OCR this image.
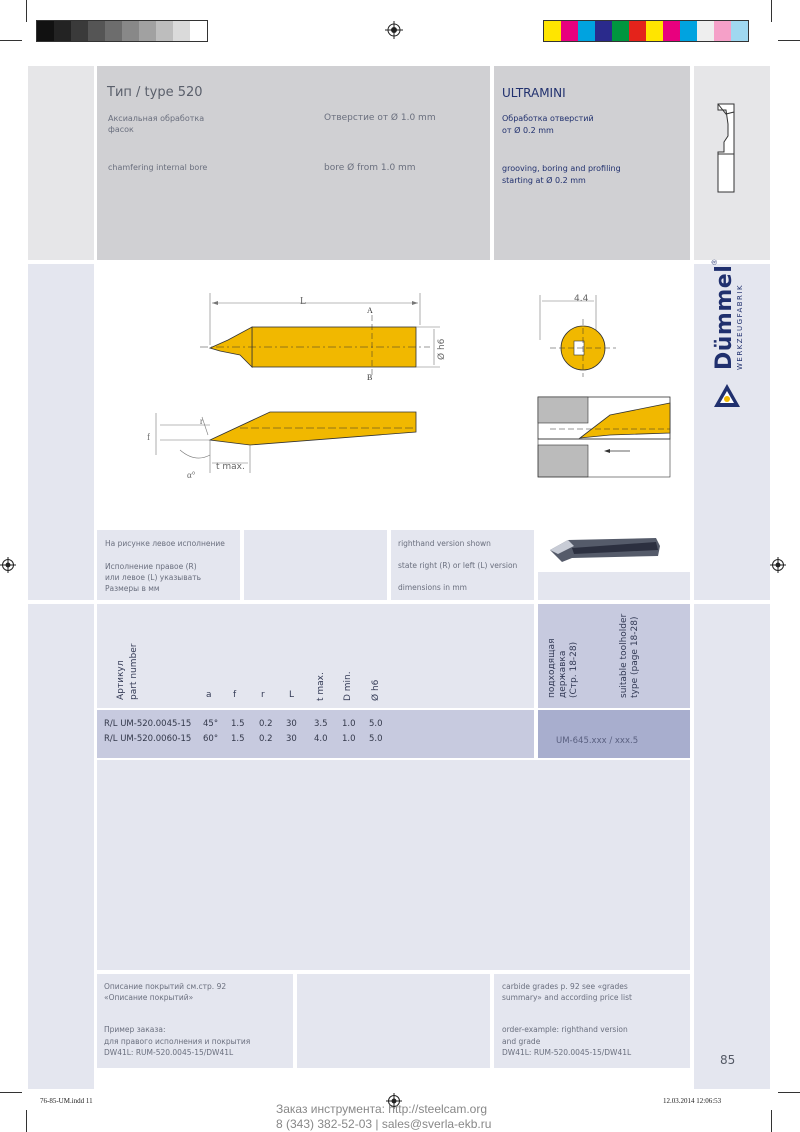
Тип / type 520
Аксиальная обработка
фасок
Отверстие от Ø 1.0 mm
chamfering internal bore	bore Ø from 1.0 mm
ULTRAMINI
Обработка отверстий
от Ø 0.2 mm
grooving, boring and profiling
starting at Ø 0.2 mm
L
A
B
Ø h6
4.4
r
f
α°
t max.
Dümmel®
WERKZEUGFABRIK
На рисунке левое исполнение
Исполнение правое (R)
или левое (L) указывать
Размеры в мм
righthand version shown
state right (R) or left (L) version
dimensions in mm
Артикул part number	a f	r	L t max. D min. Ø h6	подходящая державка (Стр. 18-28)	suitable toolholder type (page 18-28)
R/L UM-520.0045-15 45° 1.5 0.2 30 3.5 1.0 5.0
R/L UM-520.0060-15 60° 1.5 0.2 30 4.0 1.0 5.0	UM-645.xxx / xxx.5
Описание покрытий см.стр. 92
«Описание покрытий»
Пример заказа:
для правого исполнения и покрытия
DW41L: RUM-520.0045-15/DW41L
carbide grades p. 92 see «grades
summary» and according price list
order-example: righthand version
and grade
DW41L: RUM-520.0045-15/DW41L
85
76-85-UM.indd 11	12.03.2014 12:06:53
Заказ инструмента: http://steelcam.org
8 (343) 382-52-03 | sales@sverla-ekb.ru
